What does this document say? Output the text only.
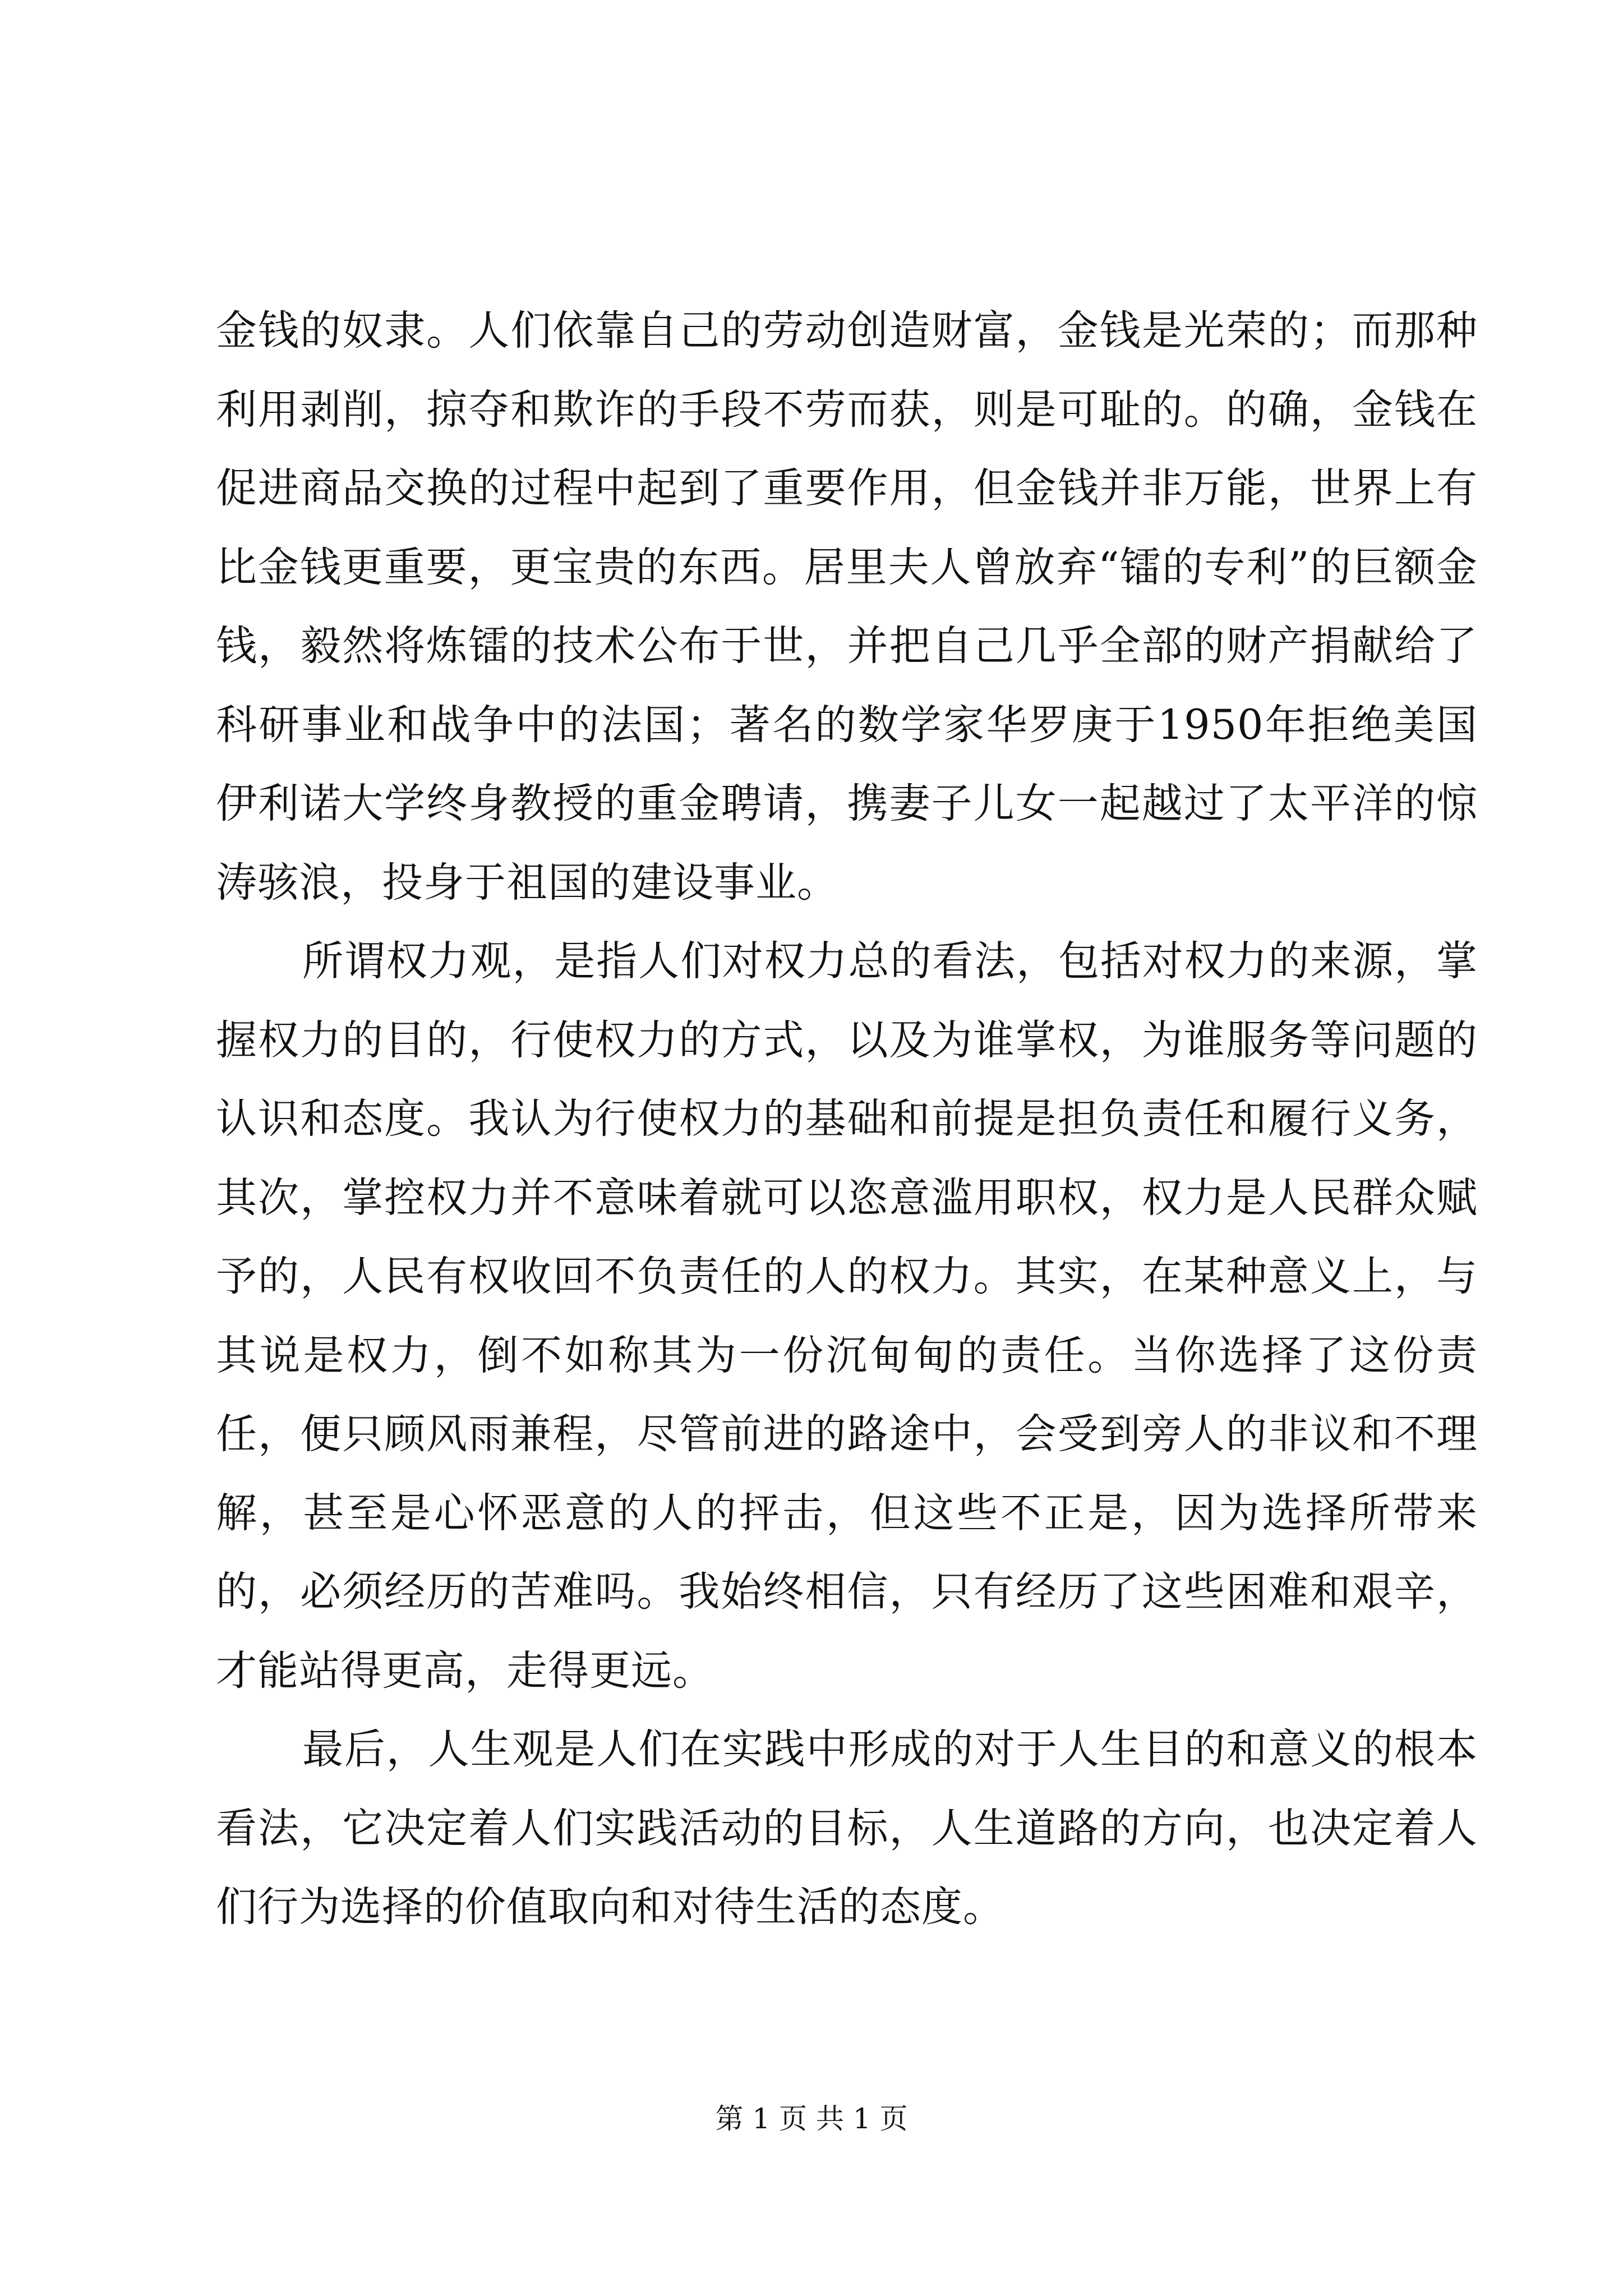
金钱的奴隶。人们依靠自己的劳动创造财富，金钱是光荣的；而那种利用剥削，掠夺和欺诈的手段不劳而获，则是可耻的。的确，金钱在促进商品交换的过程中起到了重要作用，但金钱并非万能，世界上有比金钱更重要，更宝贵的东西。居里夫人曾放弃“镭的专利”的巨额金钱，毅然将炼镭的技术公布于世，并把自己几乎全部的财产捐献给了科研事业和战争中的法国；著名的数学家华罗庚于1950年拒绝美国伊利诺大学终身教授的重金聘请，携妻子儿女一起越过了太平洋的惊涛骇浪，投身于祖国的建设事业。

所谓权力观，是指人们对权力总的看法，包括对权力的来源，掌握权力的目的，行使权力的方式，以及为谁掌权，为谁服务等问题的认识和态度。我认为行使权力的基础和前提是担负责任和履行义务，其次，掌控权力并不意味着就可以恣意滥用职权，权力是人民群众赋予的，人民有权收回不负责任的人的权力。其实，在某种意义上，与其说是权力，倒不如称其为一份沉甸甸的责任。当你选择了这份责任，便只顾风雨兼程，尽管前进的路途中，会受到旁人的非议和不理解，甚至是心怀恶意的人的抨击，但这些不正是，因为选择所带来的，必须经历的苦难吗。我始终相信，只有经历了这些困难和艰辛，才能站得更高，走得更远。

最后，人生观是人们在实践中形成的对于人生目的和意义的根本看法，它决定着人们实践活动的目标，人生道路的方向，也决定着人们行为选择的价值取向和对待生活的态度。

第 1 页 共 1 页
